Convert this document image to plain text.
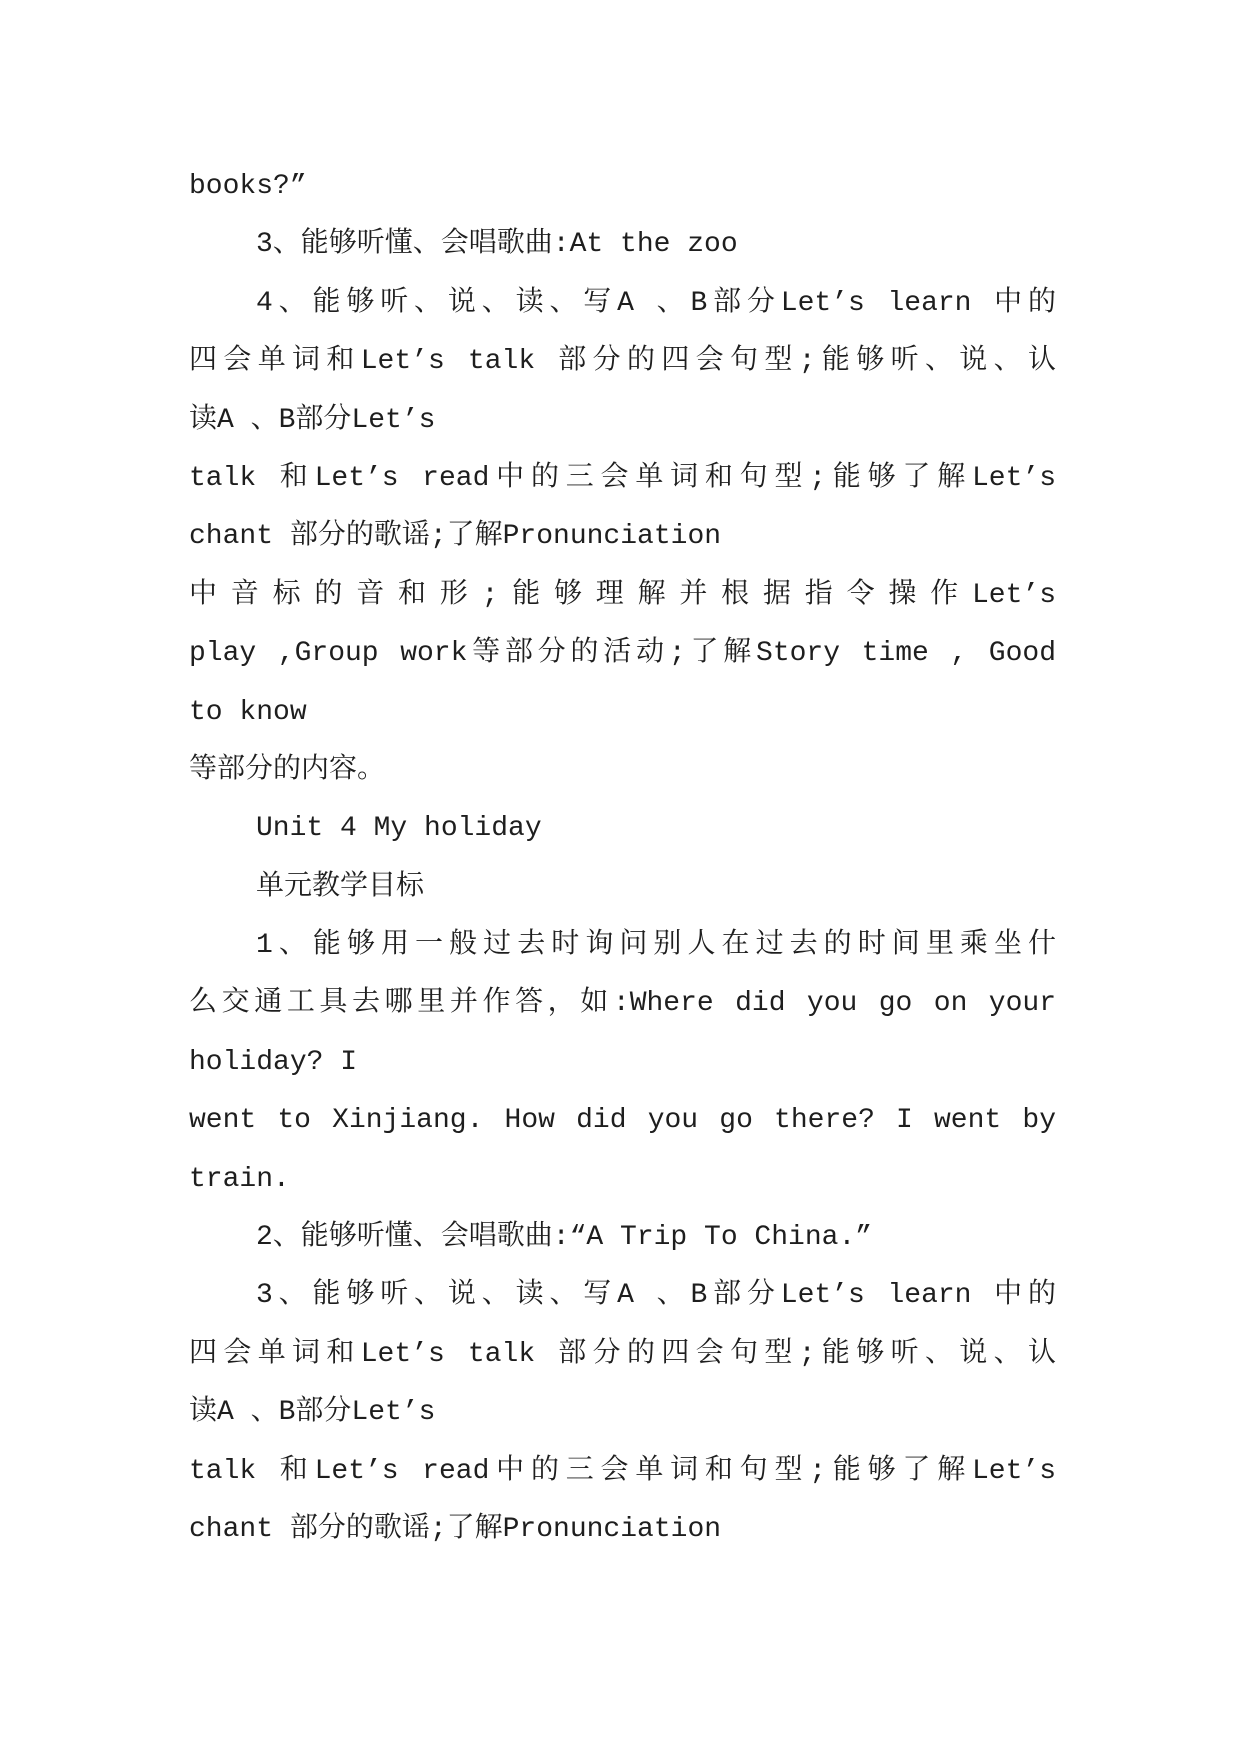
books?”
3、能够听懂、会唱歌曲:At the zoo
4、能够听、说、读、写A 、B部分Let’s learn 中的
四会单词和Let’s talk 部分的四会句型;能够听、说、认
读A 、B部分Let’s
talk 和Let’s read中的三会单词和句型;能够了解Let’s
chant 部分的歌谣;了解Pronunciation
中音标的音和形;能够理解并根据指令操作Let’s
play ,Group work等部分的活动;了解Story time , Good
to know
等部分的内容。
Unit 4 My holiday
单元教学目标
1、能够用一般过去时询问别人在过去的时间里乘坐什
么交通工具去哪里并作答，如:Where did you go on your
holiday? I
went to Xinjiang. How did you go there? I went by
train.
2、能够听懂、会唱歌曲:“A Trip To China.”
3、能够听、说、读、写A 、B部分Let’s learn 中的
四会单词和Let’s talk 部分的四会句型;能够听、说、认
读A 、B部分Let’s
talk 和Let’s read中的三会单词和句型;能够了解Let’s
chant 部分的歌谣;了解Pronunciation
